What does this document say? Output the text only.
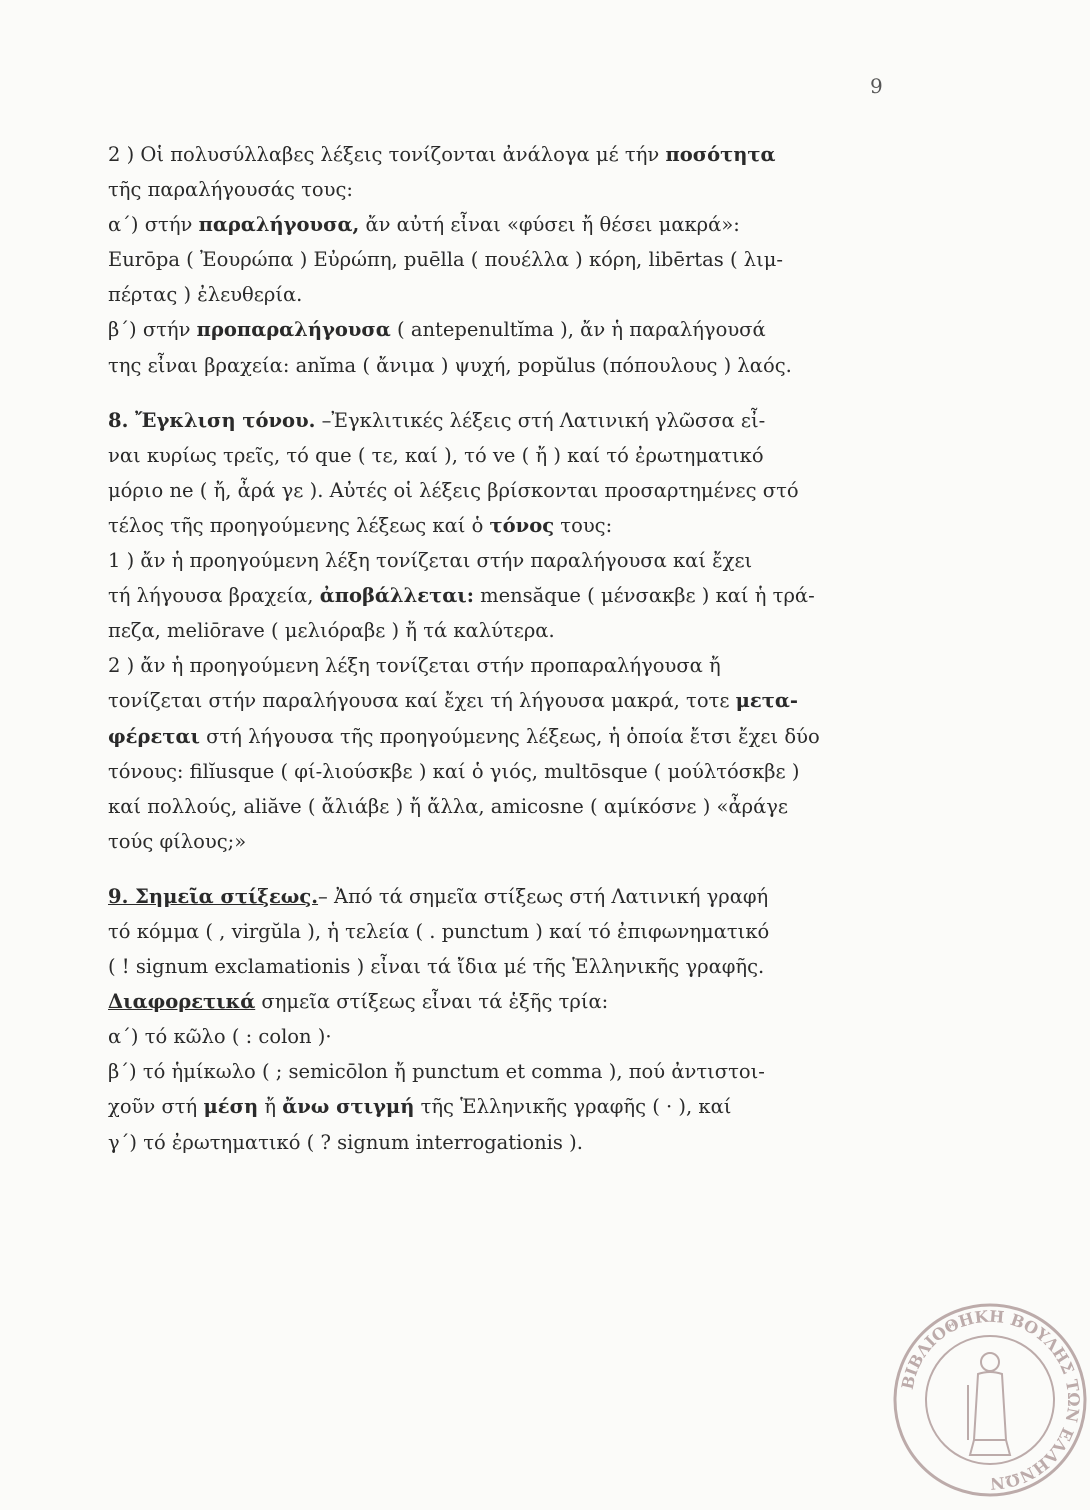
9

2 ) Οἱ πολυσύλλαβες λέξεις τονίζονται ἀνάλογα μέ τήν ποσότητα
τῆς παραλήγουσάς τους:

α΄) στήν παραλήγουσα, ἄν αὐτή εἶναι «φύσει ἤ θέσει μακρά»:
Eurōpa ( Ἐουρώπα ) Εὐρώπη, puēlla ( πουέλλα ) κόρη, libērtas ( λιμ-
πέρτας ) ἐλευθερία.

β΄) στήν προπαραλήγουσα ( antepenultĭma ), ἄν ἡ παραλήγουσά
της εἶναι βραχεία: anĭma ( ἄνιμα ) ψυχή, popŭlus (πόπουλους ) λαός.

8. Ἔγκλιση τόνου. –Ἐγκλιτικές λέξεις στή Λατινική γλῶσσα εἶ-
ναι κυρίως τρεῖς, τό que ( τε, καί ), τό ve ( ἤ ) καί τό ἐρωτηματικό
μόριο ne ( ἤ, ἆρά γε ). Αὐτές οἱ λέξεις βρίσκονται προσαρτημένες στό
τέλος τῆς προηγούμενης λέξεως καί ὁ τόνος τους:

1 ) ἄν ἡ προηγούμενη λέξη τονίζεται στήν παραλήγουσα καί ἔχει
τή λήγουσα βραχεία, ἀποβάλλεται: mensăque ( μένσακβε ) καί ἡ τρά-
πεζα, meliōrave ( μελιόραβε ) ἤ τά καλύτερα.

2 ) ἄν ἡ προηγούμενη λέξη τονίζεται στήν προπαραλήγουσα ἤ
τονίζεται στήν παραλήγουσα καί ἔχει τή λήγουσα μακρά, τοτε μετα-
φέρεται στή λήγουσα τῆς προηγούμενης λέξεως, ἡ ὁποία ἔτσι ἔχει δύο
τόνους: filĭusque ( φί-λιούσκβε ) καί ὁ γιός, multōsque ( μούλτόσκβε )
καί πολλούς, aliăve ( ἄλιάβε ) ἤ ἄλλα, amicosne ( αμίκόσνε ) «ἆράγε
τούς φίλους;»

9. Σημεῖα στίξεως.– Ἀπό τά σημεῖα στίξεως στή Λατινική γραφή
τό κόμμα ( , virgŭla ), ἡ τελεία ( . punctum ) καί τό ἐπιφωνηματικό
( ! signum exclamationis ) εἶναι τά ἴδια μέ τῆς Ἑλληνικῆς γραφῆς.

Διαφορετικά σημεῖα στίξεως εἶναι τά ἑξῆς τρία:

α΄) τό κῶλο ( : colon )·

β΄) τό ἡμίκωλο ( ; semicōlon ἤ punctum et comma ), πού ἀντιστοι-
χοῦν στή μέση ἤ ἄνω στιγμή τῆς Ἑλληνικῆς γραφῆς ( · ), καί

γ΄) τό ἐρωτηματικό ( ? signum interrogationis ).

ΒΙΒΛΙΟΘΗΚΗ ΒΟΥΛΗΣ ΤΩΝ ΕΛΛΗΝΩΝ
